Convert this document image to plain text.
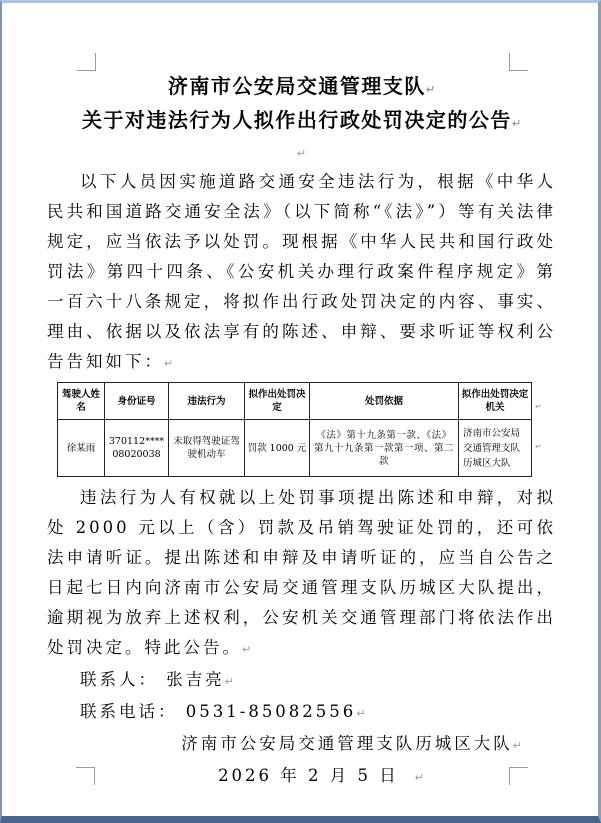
济南市公安局交通管理支队↵
关于对违法行为人拟作出行政处罚决定的公告↵
↵

以下人员因实施道路交通安全违法行为，根据《中华人民共和国道路交通安全法》（以下简称“《法》”）等有关法律规定，应当依法予以处罚。现根据《中华人民共和国行政处罚法》第四十四条、《公安机关办理行政案件程序规定》第一百六十八条规定，将拟作出行政处罚决定的内容、事实、理由、依据以及依法享有的陈述、申辩、要求听证等权利公告告知如下：↵

驾驶人姓名	身份证号	违法行为	拟作出处罚决定	处罚依据	拟作出处罚决定机关
徐某雨	370112****08020038	未取得驾驶证驾驶机动车	罚款 1000 元	《法》第十九条第一款、《法》第九十九条第一款第一项、第二款	济南市公安局交通管理支队历城区大队
↵
↵

违法行为人有权就以上处罚事项提出陈述和申辩，对拟处 2000 元以上（含）罚款及吊销驾驶证处罚的，还可依法申请听证。提出陈述和申辩及申请听证的，应当自公告之日起七日内向济南市公安局交通管理支队历城区大队提出，逾期视为放弃上述权利，公安机关交通管理部门将依法作出处罚决定。特此公告。↵

联系人： 张吉亮↵
联系电话： 0531-85082556↵
济南市公安局交通管理支队历城区大队↵
2026 年 2 月 5 日 ↵
